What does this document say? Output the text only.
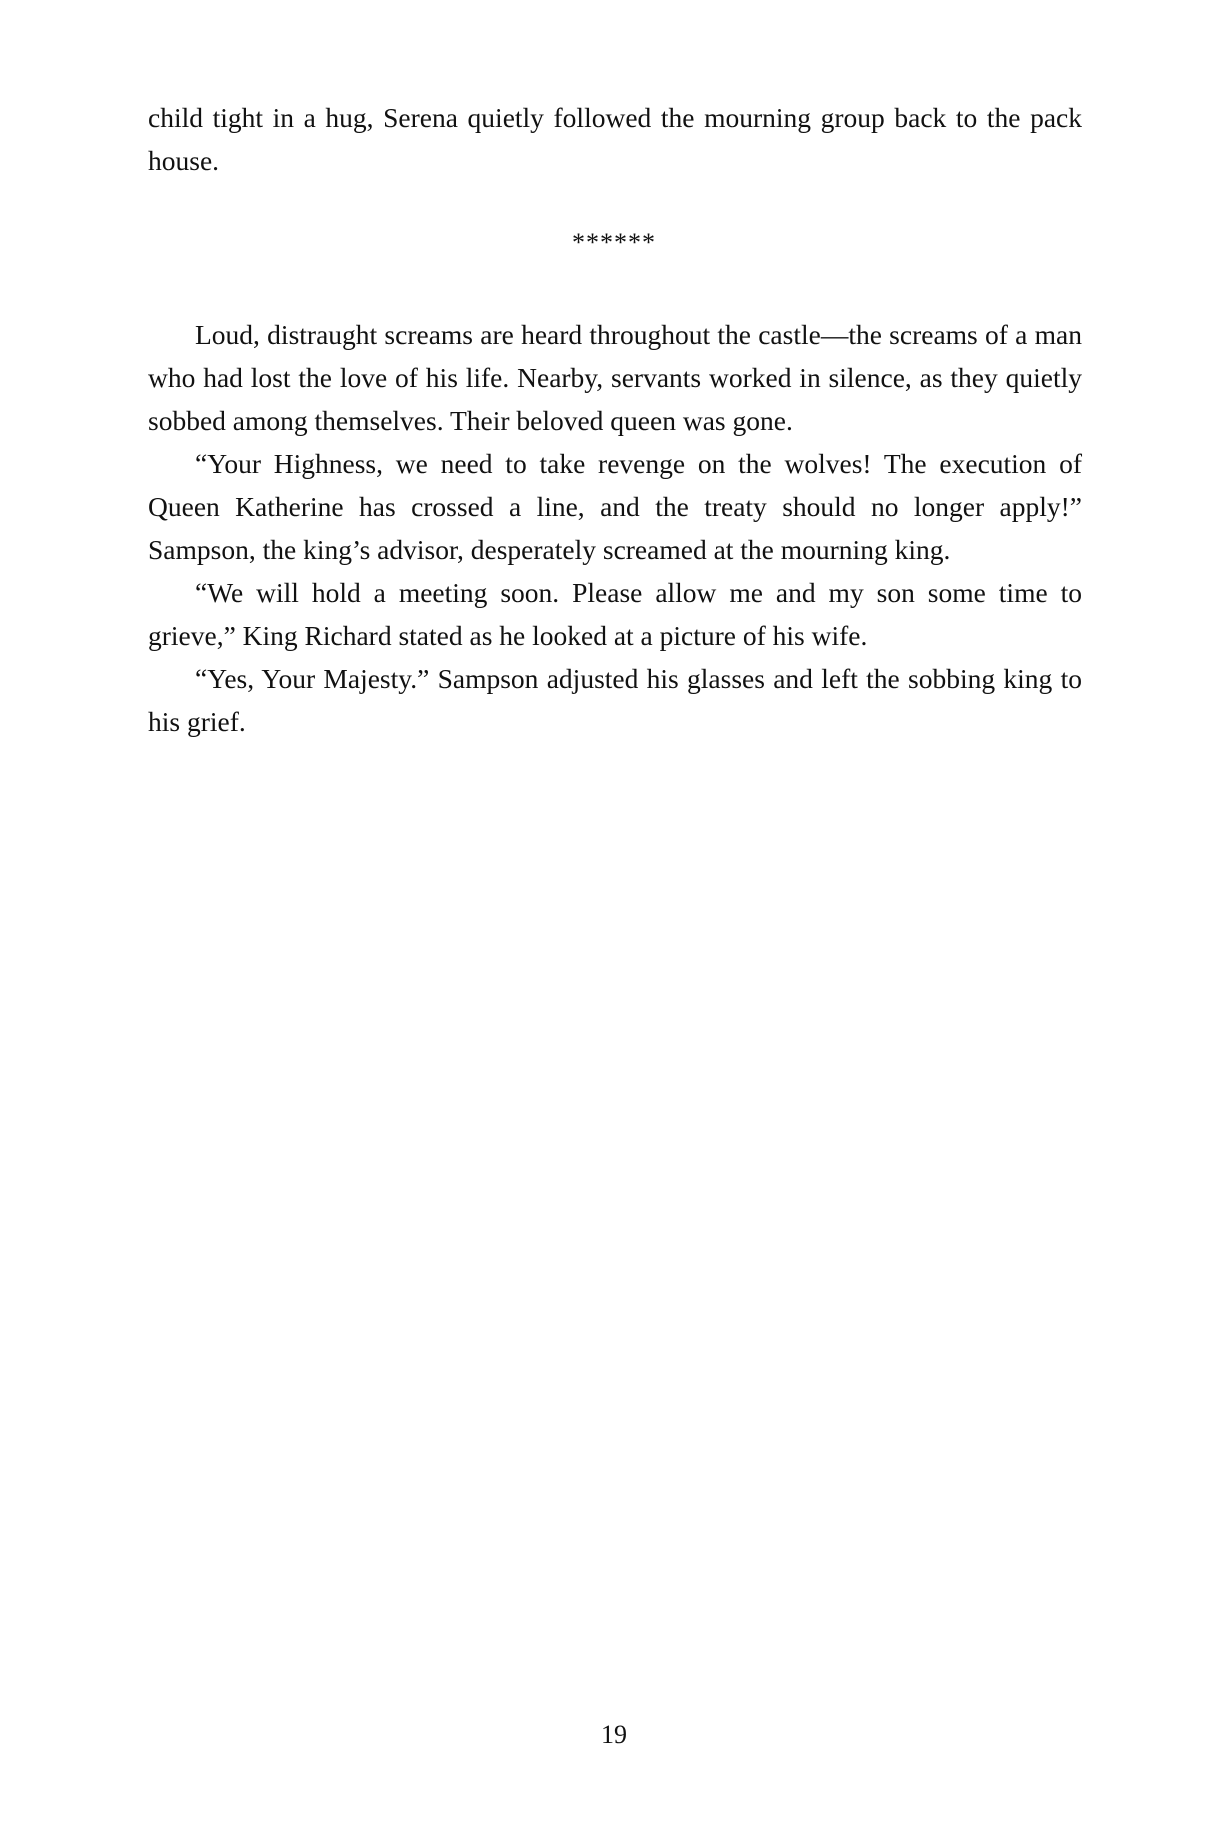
child tight in a hug, Serena quietly followed the mourning group back to the pack house.

******

Loud, distraught screams are heard throughout the castle—the screams of a man who had lost the love of his life. Nearby, servants worked in silence, as they quietly sobbed among themselves. Their beloved queen was gone.

“Your Highness, we need to take revenge on the wolves! The execution of Queen Katherine has crossed a line, and the treaty should no longer apply!” Sampson, the king’s advisor, desperately screamed at the mourning king.

“We will hold a meeting soon. Please allow me and my son some time to grieve,” King Richard stated as he looked at a picture of his wife.

“Yes, Your Majesty.” Sampson adjusted his glasses and left the sobbing king to his grief.

19
